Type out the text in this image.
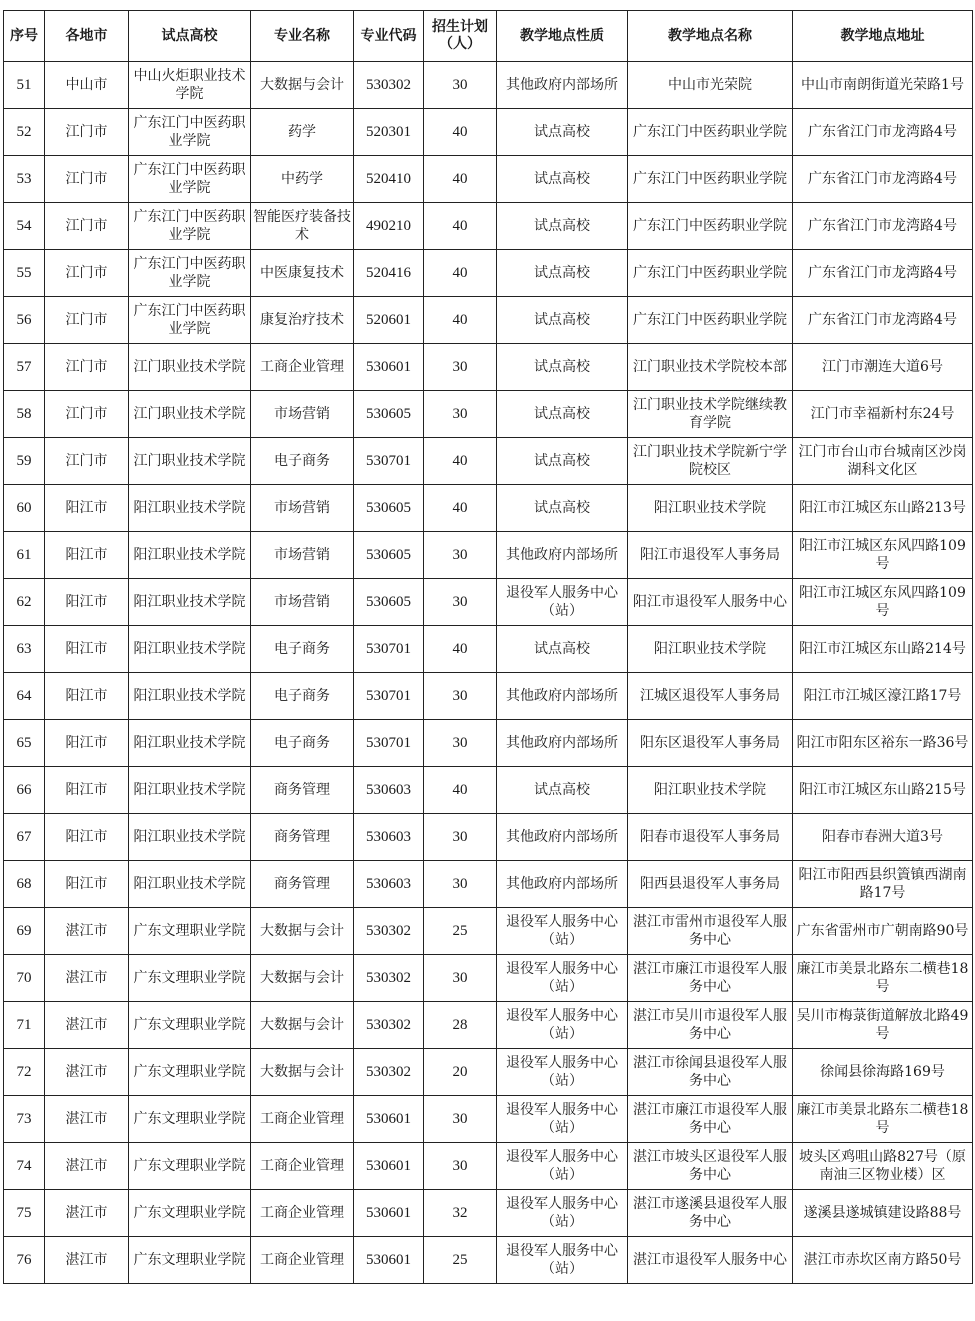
序号	各地市	试点高校	专业名称	专业代码	招生计划（人）	教学地点性质	教学地点名称	教学地点地址
51	中山市	中山火炬职业技术学院	大数据与会计	530302	30	其他政府内部场所	中山市光荣院	中山市南朗街道光荣路1号
52	江门市	广东江门中医药职业学院	药学	520301	40	试点高校	广东江门中医药职业学院	广东省江门市龙湾路4号
53	江门市	广东江门中医药职业学院	中药学	520410	40	试点高校	广东江门中医药职业学院	广东省江门市龙湾路4号
54	江门市	广东江门中医药职业学院	智能医疗装备技术	490210	40	试点高校	广东江门中医药职业学院	广东省江门市龙湾路4号
55	江门市	广东江门中医药职业学院	中医康复技术	520416	40	试点高校	广东江门中医药职业学院	广东省江门市龙湾路4号
56	江门市	广东江门中医药职业学院	康复治疗技术	520601	40	试点高校	广东江门中医药职业学院	广东省江门市龙湾路4号
57	江门市	江门职业技术学院	工商企业管理	530601	30	试点高校	江门职业技术学院校本部	江门市潮连大道6号
58	江门市	江门职业技术学院	市场营销	530605	30	试点高校	江门职业技术学院继续教育学院	江门市幸福新村东24号
59	江门市	江门职业技术学院	电子商务	530701	40	试点高校	江门职业技术学院新宁学院校区	江门市台山市台城南区沙岗湖科文化区
60	阳江市	阳江职业技术学院	市场营销	530605	40	试点高校	阳江职业技术学院	阳江市江城区东山路213号
61	阳江市	阳江职业技术学院	市场营销	530605	30	其他政府内部场所	阳江市退役军人事务局	阳江市江城区东风四路109号
62	阳江市	阳江职业技术学院	市场营销	530605	30	退役军人服务中心（站）	阳江市退役军人服务中心	阳江市江城区东风四路109号
63	阳江市	阳江职业技术学院	电子商务	530701	40	试点高校	阳江职业技术学院	阳江市江城区东山路214号
64	阳江市	阳江职业技术学院	电子商务	530701	30	其他政府内部场所	江城区退役军人事务局	阳江市江城区濠江路17号
65	阳江市	阳江职业技术学院	电子商务	530701	30	其他政府内部场所	阳东区退役军人事务局	阳江市阳东区裕东一路36号
66	阳江市	阳江职业技术学院	商务管理	530603	40	试点高校	阳江职业技术学院	阳江市江城区东山路215号
67	阳江市	阳江职业技术学院	商务管理	530603	30	其他政府内部场所	阳春市退役军人事务局	阳春市春洲大道3号
68	阳江市	阳江职业技术学院	商务管理	530603	30	其他政府内部场所	阳西县退役军人事务局	阳江市阳西县织篢镇西湖南路17号
69	湛江市	广东文理职业学院	大数据与会计	530302	25	退役军人服务中心（站）	湛江市雷州市退役军人服务中心	广东省雷州市广朝南路90号
70	湛江市	广东文理职业学院	大数据与会计	530302	30	退役军人服务中心（站）	湛江市廉江市退役军人服务中心	廉江市美景北路东二横巷18号
71	湛江市	广东文理职业学院	大数据与会计	530302	28	退役军人服务中心（站）	湛江市吴川市退役军人服务中心	吴川市梅菉街道解放北路49号
72	湛江市	广东文理职业学院	大数据与会计	530302	20	退役军人服务中心（站）	湛江市徐闻县退役军人服务中心	徐闻县徐海路169号
73	湛江市	广东文理职业学院	工商企业管理	530601	30	退役军人服务中心（站）	湛江市廉江市退役军人服务中心	廉江市美景北路东二横巷18号
74	湛江市	广东文理职业学院	工商企业管理	530601	30	退役军人服务中心（站）	湛江市坡头区退役军人服务中心	坡头区鸡咀山路827号（原南油三区物业楼）区
75	湛江市	广东文理职业学院	工商企业管理	530601	32	退役军人服务中心（站）	湛江市遂溪县退役军人服务中心	遂溪县遂城镇建设路88号
76	湛江市	广东文理职业学院	工商企业管理	530601	25	退役军人服务中心（站）	湛江市退役军人服务中心	湛江市赤坎区南方路50号
